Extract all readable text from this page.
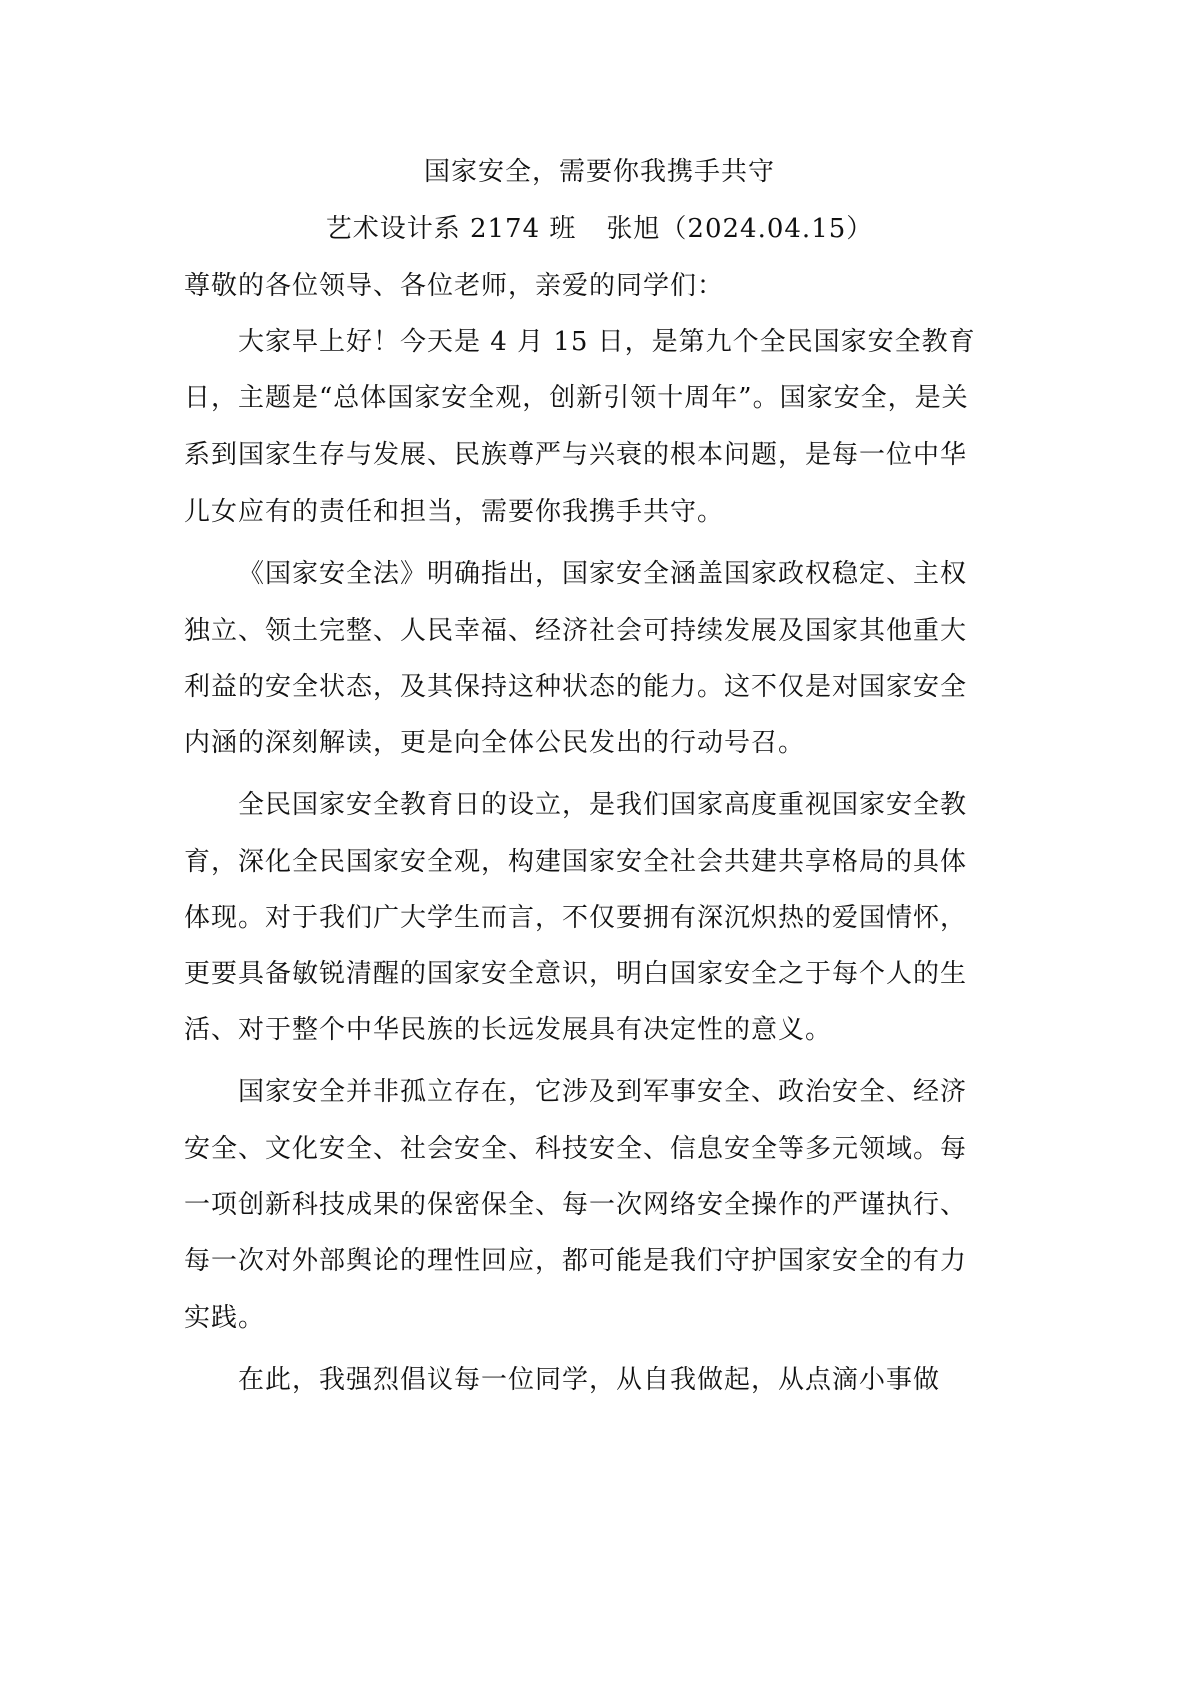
国家安全，需要你我携手共守
艺术设计系 2174 班 张旭（2024.04.15）
尊敬的各位领导、各位老师，亲爱的同学们：
大家早上好！今天是 4 月 15 日，是第九个全民国家安全教育
日，主题是“总体国家安全观，创新引领十周年”。国家安全，是关
系到国家生存与发展、民族尊严与兴衰的根本问题，是每一位中华
儿女应有的责任和担当，需要你我携手共守。
《国家安全法》明确指出，国家安全涵盖国家政权稳定、主权
独立、领土完整、人民幸福、经济社会可持续发展及国家其他重大
利益的安全状态，及其保持这种状态的能力。这不仅是对国家安全
内涵的深刻解读，更是向全体公民发出的行动号召。
全民国家安全教育日的设立，是我们国家高度重视国家安全教
育，深化全民国家安全观，构建国家安全社会共建共享格局的具体
体现。对于我们广大学生而言，不仅要拥有深沉炽热的爱国情怀，
更要具备敏锐清醒的国家安全意识，明白国家安全之于每个人的生
活、对于整个中华民族的长远发展具有决定性的意义。
国家安全并非孤立存在，它涉及到军事安全、政治安全、经济
安全、文化安全、社会安全、科技安全、信息安全等多元领域。每
一项创新科技成果的保密保全、每一次网络安全操作的严谨执行、
每一次对外部舆论的理性回应，都可能是我们守护国家安全的有力
实践。
在此，我强烈倡议每一位同学，从自我做起，从点滴小事做
